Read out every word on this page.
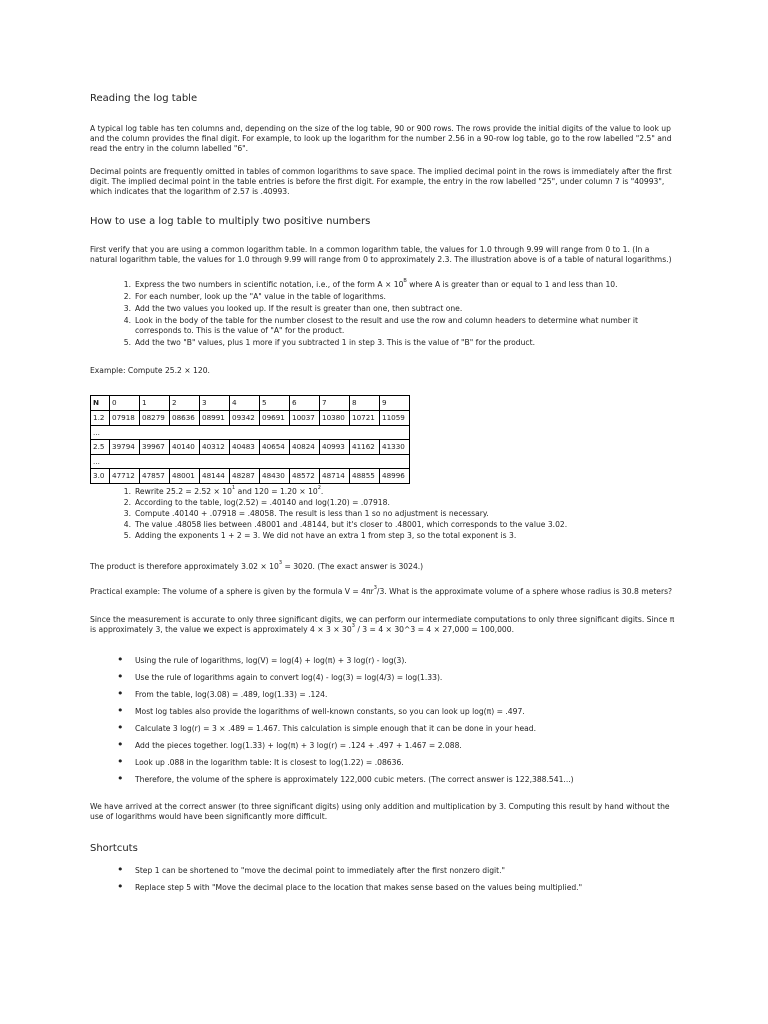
Reading the log table

A typical log table has ten columns and, depending on the size of the log table, 90 or 900 rows. The rows provide the initial digits of the value to look up and the column provides the final digit. For example, to look up the logarithm for the number 2.56 in a 90-row log table, go to the row labelled "2.5" and read the entry in the column labelled "6".

Decimal points are frequently omitted in tables of common logarithms to save space. The implied decimal point in the rows is immediately after the first digit. The implied decimal point in the table entries is before the first digit. For example, the entry in the row labelled "25", under column 7 is "40993", which indicates that the logarithm of 2.57 is .40993.

How to use a log table to multiply two positive numbers

First verify that you are using a common logarithm table. In a common logarithm table, the values for 1.0 through 9.99 will range from 0 to 1. (In a natural logarithm table, the values for 1.0 through 9.99 will range from 0 to approximately 2.3. The illustration above is of a table of natural logarithms.)

1. Express the two numbers in scientific notation, i.e., of the form $A \times 10^B$ where A is greater than or equal to 1 and less than 10.
2. For each number, look up the "A" value in the table of logarithms.
3. Add the two values you looked up. If the result is greater than one, then subtract one.
4. Look in the body of the table for the number closest to the result and use the row and column headers to determine what number it corresponds to. This is the value of "A" for the product.
5. Add the two "B" values, plus 1 more if you subtracted 1 in step 3. This is the value of "B" for the product.

Example: Compute 25.2 × 120.

N	0	1	2	3	4	5	6	7	8	9
1.2	07918	08279	08636	08991	09342	09691	10037	10380	10721	11059
...										
2.5	39794	39967	40140	40312	40483	40654	40824	40993	41162	41330
...										
3.0	47712	47857	48001	48144	48287	48430	48572	48714	48855	48996
1. Rewrite $25.2 = 2.52 \times 10^1$ and $120 = 1.20 \times 10^2$.
2. According to the table, log(2.52) = .40140 and log(1.20) = .07918.
3. Compute .40140 + .07918 = .48058. The result is less than 1 so no adjustment is necessary.
4. The value .48058 lies between .48001 and .48144, but it's closer to .48001, which corresponds to the value 3.02.
5. Adding the exponents 1 + 2 = 3. We did not have an extra 1 from step 3, so the total exponent is 3.

The product is therefore approximately $3.02 \times 10^3 = 3020$. (The exact answer is 3024.)

Practical example: The volume of a sphere is given by the formula $V = 4\pi r^3/3$. What is the approximate volume of a sphere whose radius is 30.8 meters?

Since the measurement is accurate to only three significant digits, we can perform our intermediate computations to only three significant digits. Since π is approximately 3, the value we expect is approximately $4 \times 3 \times 30^3 / 3 = 4$ × 30^3 = 4 × 27,000 = 100,000.

• Using the rule of logarithms, log(V) = log(4) + log(π) + 3 log(r) - log(3).
• Use the rule of logarithms again to convert log(4) - log(3) = log(4/3) = log(1.33).
• From the table, log(3.08) = .489, log(1.33) = .124.
• Most log tables also provide the logarithms of well-known constants, so you can look up log(π) = .497.
• Calculate 3 log(r) = 3 × .489 = 1.467. This calculation is simple enough that it can be done in your head.
• Add the pieces together. log(1.33) + log(π) + 3 log(r) = .124 + .497 + 1.467 = 2.088.
• Look up .088 in the logarithm table: It is closest to log(1.22) = .08636.
• Therefore, the volume of the sphere is approximately 122,000 cubic meters. (The correct answer is 122,388.541...)

We have arrived at the correct answer (to three significant digits) using only addition and multiplication by 3. Computing this result by hand without the use of logarithms would have been significantly more difficult.

Shortcuts
• Step 1 can be shortened to "move the decimal point to immediately after the first nonzero digit."
• Replace step 5 with "Move the decimal place to the location that makes sense based on the values being multiplied."
